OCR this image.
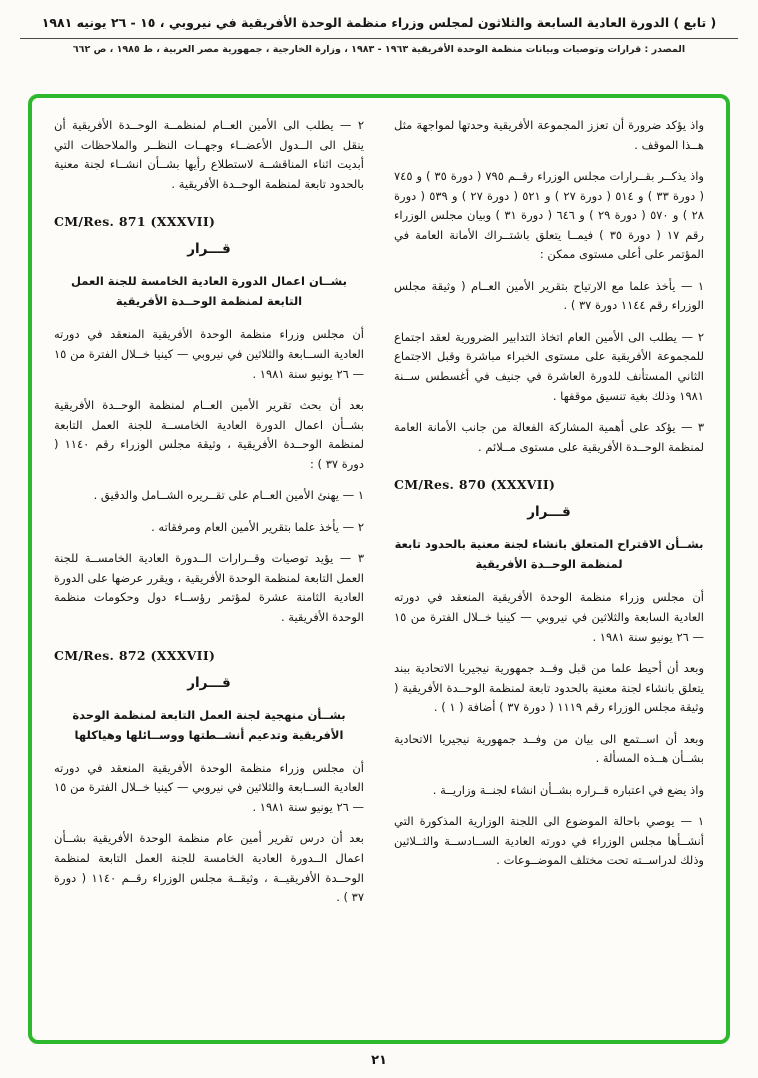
( تابع ) الدورة العادية السابعة والثلاثون لمجلس وزراء منظمة الوحدة الأفريقية في نيروبي ، ١٥ - ٢٦ يونيه ١٩٨١
المصدر : قرارات وتوصيات وبيانات منظمة الوحدة الأفريقية ١٩٦٣ - ١٩٨٣ ، وزارة الخارجية ، جمهورية مصر العربية ، ط ١٩٨٥ ، ص ٦٦٢

واذ يؤكد ضرورة أن تعزز المجموعة الأفريقية وحدتها لمواجهة مثل هــذا الموقف .

واذ يذكــر بقــرارات مجلس الوزراء رقــم ٧٩٥ ( دورة ٣٥ ) و ٧٤٥ ( دورة ٣٣ ) و ٥١٤ ( دورة ٢٧ ) و ٥٢١ ( دورة ٢٧ ) و ٥٣٩ ( دورة ٢٨ ) و ٥٧٠ ( دورة ٢٩ ) و ٦٤٦ ( دورة ٣١ ) وبيان مجلس الوزراء رقم ١٧ ( دورة ٣٥ ) فيمــا يتعلق باشتــراك الأمانة العامة في المؤتمر على أعلى مستوى ممكن :

١ — يأخذ علما مع الارتياح بتقرير الأمين العــام ( وثيقة مجلس الوزراء رقم ١١٤٤ دورة ٣٧ ) .

٢ — يطلب الى الأمين العام اتخاذ التدابير الضرورية لعقد اجتماع للمجموعة الأفريقية على مستوى الخبراء مباشرة وقبل الاجتماع الثاني المستأنف للدورة العاشرة في جنيف في أغسطس ســنة ١٩٨١ وذلك بغية تنسيق موقفها .

٣ — يؤكد على أهمية المشاركة الفعالة من جانب الأمانة العامة لمنظمة الوحــدة الأفريقية على مستوى مــلائم .

CM/Res. 870 (XXXVII)
قـــرار
بشــأن الاقتراح المتعلق بانشاء لجنة معنية بالحدود تابعة لمنظمة الوحــدة الأفريقية

أن مجلس وزراء منظمة الوحدة الأفريقية المنعقد في دورته العادية السابعة والثلاثين في نيروبي — كينيا خــلال الفترة من ١٥ — ٢٦ يونيو سنة ١٩٨١ .

وبعد أن أحيط علما من قبل وفــد جمهورية نيجيريا الاتحادية ببند يتعلق بانشاء لجنة معنية بالحدود تابعة لمنظمة الوحــدة الأفريقية ( وثيقة مجلس الوزراء رقم ١١١٩ ( دورة ٣٧ ) أضافة ( ١ ) .

وبعد أن اســتمع الى بيان من وفــد جمهورية نيجيريا الاتحادية بشــأن هــذه المسألة .

واذ يضع في اعتباره قــراره بشــأن انشاء لجنــة وزاريــة .

١ — يوصي باحالة الموضوع الى اللجنة الوزارية المذكورة التي أنشــأها مجلس الوزراء في دورته العادية الســادســة والثــلاثين وذلك لدراســته تحت مختلف الموضــوعات .

٢ — يطلب الى الأمين العــام لمنظمــة الوحــدة الأفريقية أن ينقل الى الــدول الأعضــاء وجهــات النظــر والملاحظات التي أبديت اثناء المناقشــة لاستطلاع رأيها بشــأن انشــاء لجنة معنية بالحدود تابعة لمنظمة الوحــدة الأفريقية .

CM/Res. 871 (XXXVII)
قـــرار
بشــان اعمال الدورة العادية الخامسة للجنة العمل التابعة لمنظمة الوحــدة الأفريقية

أن مجلس وزراء منظمة الوحدة الأفريقية المنعقد في دورته العادية الســابعة والثلاثين في نيروبي — كينيا خــلال الفترة من ١٥ — ٢٦ يونيو سنة ١٩٨١ .

بعد أن بحث تقرير الأمين العــام لمنظمة الوحــدة الأفريقية بشــأن اعمال الدورة العادية الخامســة للجنة العمل التابعة لمنظمة الوحــدة الأفريقية ، وثيقة مجلس الوزراء رقم ١١٤٠ ( دورة ٣٧ ) :

١ — يهنئ الأمين العــام على تقــريره الشــامل والدقيق .

٢ — يأخذ علما بتقرير الأمين العام ومرفقاته .

٣ — يؤيد توصيات وقــرارات الــدورة العادية الخامســة للجنة العمل التابعة لمنظمة الوحدة الأفريقية ، ويقرر عرضها على الدورة العادية الثامنة عشرة لمؤتمر رؤســاء دول وحكومات منظمة الوحدة الأفريقية .

CM/Res. 872 (XXXVII)
قـــرار
بشــأن منهجية لجنة العمل التابعة لمنظمة الوحدة الأفريقية وتدعيم أنشــطتها ووســائلها وهياكلها

أن مجلس وزراء منظمة الوحدة الأفريقية المنعقد في دورته العادية الســابعة والثلاثين في نيروبي — كينيا خــلال الفترة من ١٥ — ٢٦ يونيو سنة ١٩٨١ .

بعد أن درس تقرير أمين عام منظمة الوحدة الأفريقية بشــأن اعمال الــدورة العادية الخامسة للجنة العمل التابعة لمنظمة الوحــدة الأفريقيــة ، وثيقــة مجلس الوزراء رقــم ١١٤٠ ( دورة ٣٧ ) .

٢١
